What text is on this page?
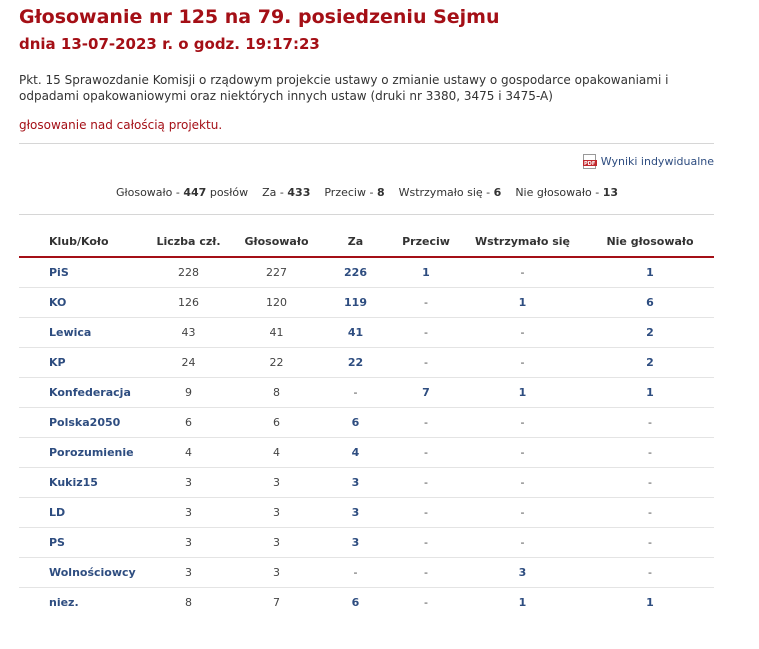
Głosowanie nr 125 na 79. posiedzeniu Sejmu
dnia 13-07-2023 r. o godz. 19:17:23
Pkt. 15 Sprawozdanie Komisji o rządowym projekcie ustawy o zmianie ustawy o gospodarce opakowaniami i odpadami opakowaniowymi oraz niektórych innych ustaw (druki nr 3380, 3475 i 3475-A)
głosowanie nad całością projektu.
PDF Wyniki indywidualne
Głosowało - 447 posłów Za - 433 Przeciw - 8 Wstrzymało się - 6 Nie głosowało - 13
Klub/Koło	Liczba czł.	Głosowało	Za	Przeciw	Wstrzymało się	Nie głosowało
PiS	228	227	226	1	-	1
KO	126	120	119	-	1	6
Lewica	43	41	41	-	-	2
KP	24	22	22	-	-	2
Konfederacja	9	8	-	7	1	1
Polska2050	6	6	6	-	-	-
Porozumienie	4	4	4	-	-	-
Kukiz15	3	3	3	-	-	-
LD	3	3	3	-	-	-
PS	3	3	3	-	-	-
Wolnościowcy	3	3	-	-	3	-
niez.	8	7	6	-	1	1
